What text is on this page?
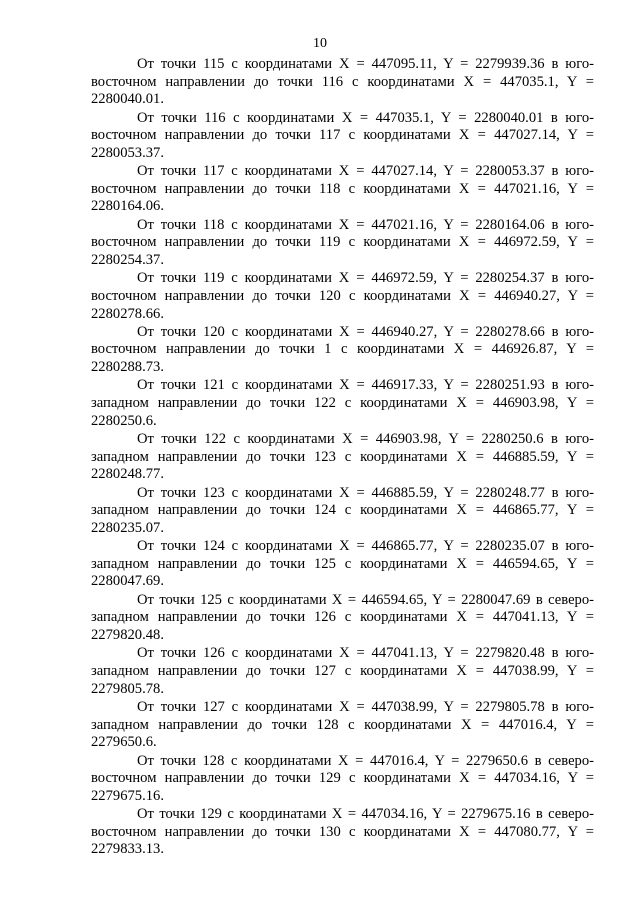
10

От точки 115 с координатами X = 447095.11, Y = 2279939.36 в юго-восточном направлении до точки 116 с координатами X = 447035.1, Y = 2280040.01.

От точки 116 с координатами X = 447035.1, Y = 2280040.01 в юго-восточном направлении до точки 117 с координатами X = 447027.14, Y = 2280053.37.

От точки 117 с координатами X = 447027.14, Y = 2280053.37 в юго-восточном направлении до точки 118 с координатами X = 447021.16, Y = 2280164.06.

От точки 118 с координатами X = 447021.16, Y = 2280164.06 в юго-восточном направлении до точки 119 с координатами X = 446972.59, Y = 2280254.37.

От точки 119 с координатами X = 446972.59, Y = 2280254.37 в юго-восточном направлении до точки 120 с координатами X = 446940.27, Y = 2280278.66.

От точки 120 с координатами X = 446940.27, Y = 2280278.66 в юго-восточном направлении до точки 1 с координатами X = 446926.87, Y = 2280288.73.

От точки 121 с координатами X = 446917.33, Y = 2280251.93 в юго-западном направлении до точки 122 с координатами X = 446903.98, Y = 2280250.6.

От точки 122 с координатами X = 446903.98, Y = 2280250.6 в юго-западном направлении до точки 123 с координатами X = 446885.59, Y = 2280248.77.

От точки 123 с координатами X = 446885.59, Y = 2280248.77 в юго-западном направлении до точки 124 с координатами X = 446865.77, Y = 2280235.07.

От точки 124 с координатами X = 446865.77, Y = 2280235.07 в юго-западном направлении до точки 125 с координатами X = 446594.65, Y = 2280047.69.

От точки 125 с координатами X = 446594.65, Y = 2280047.69 в северо-западном направлении до точки 126 с координатами X = 447041.13, Y = 2279820.48.

От точки 126 с координатами X = 447041.13, Y = 2279820.48 в юго-западном направлении до точки 127 с координатами X = 447038.99, Y = 2279805.78.

От точки 127 с координатами X = 447038.99, Y = 2279805.78 в юго-западном направлении до точки 128 с координатами X = 447016.4, Y = 2279650.6.

От точки 128 с координатами X = 447016.4, Y = 2279650.6 в северо-восточном направлении до точки 129 с координатами X = 447034.16, Y = 2279675.16.

От точки 129 с координатами X = 447034.16, Y = 2279675.16 в северо-восточном направлении до точки 130 с координатами X = 447080.77, Y = 2279833.13.
